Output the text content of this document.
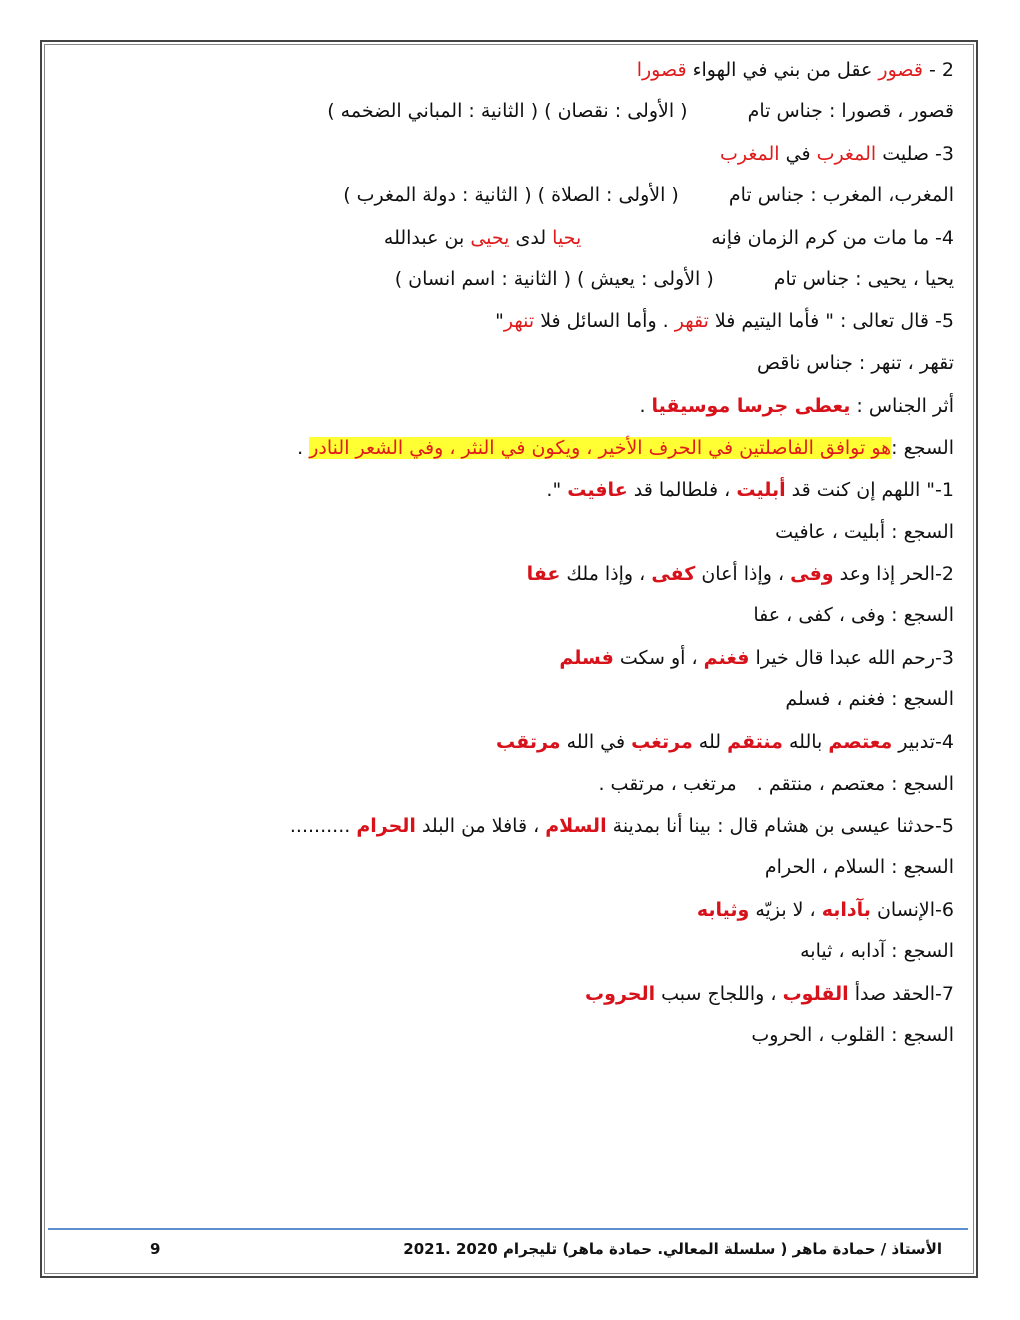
2 - قصور عقل من بني في الهواء قصورا
قصور ، قصورا : جناس تام( الأولى : نقصان ) ( الثانية : المباني الضخمه )
3- صليت المغرب في المغرب
المغرب، المغرب : جناس تام( الأولى : الصلاة ) ( الثانية : دولة المغرب )
4- ما مات من كرم الزمان فإنهيحيا لدى يحيى بن عبدالله
يحيا ، يحيى : جناس تام( الأولى : يعيش ) ( الثانية : اسم انسان )
5- قال تعالى : " فأما اليتيم فلا تقهر . وأما السائل فلا تنهر"
تقهر ، تنهر : جناس ناقص
أثر الجناس : يعطى جرسا موسيقيا .
السجع :هو توافق الفاصلتين في الحرف الأخير ، ويكون في النثر ، وفي الشعر النادر .
1-" اللهم إن كنت قد أبليت ، فلطالما قد عافيت ".
السجع : أبليت ، عافيت
2-الحر إذا وعد وفى ، وإذا أعان كفى ، وإذا ملك عفا
السجع : وفى ، كفى ، عفا
3-رحم الله عبدا قال خيرا فغنم ، أو سكت فسلم
السجع : فغنم ، فسلم
4-تدبير معتصم بالله منتقم لله مرتغب في الله مرتقب
السجع : معتصم ، منتقم .مرتغب ، مرتقب .
5-حدثنا عيسى بن هشام قال : بينا أنا بمدينة السلام ، قافلا من البلد الحرام ..........
السجع : السلام ، الحرام
6-الإنسان بآدابه ، لا بزيّه وثيابه
السجع : آدابه ، ثيابه
7-الحقد صدأ القلوب ، واللجاج سبب الحروب
السجع : القلوب ، الحروب
الأستاذ / حمادة ماهر ( سلسلة المعالي. حمادة ماهر) تليجرام 2020 .2021
9
